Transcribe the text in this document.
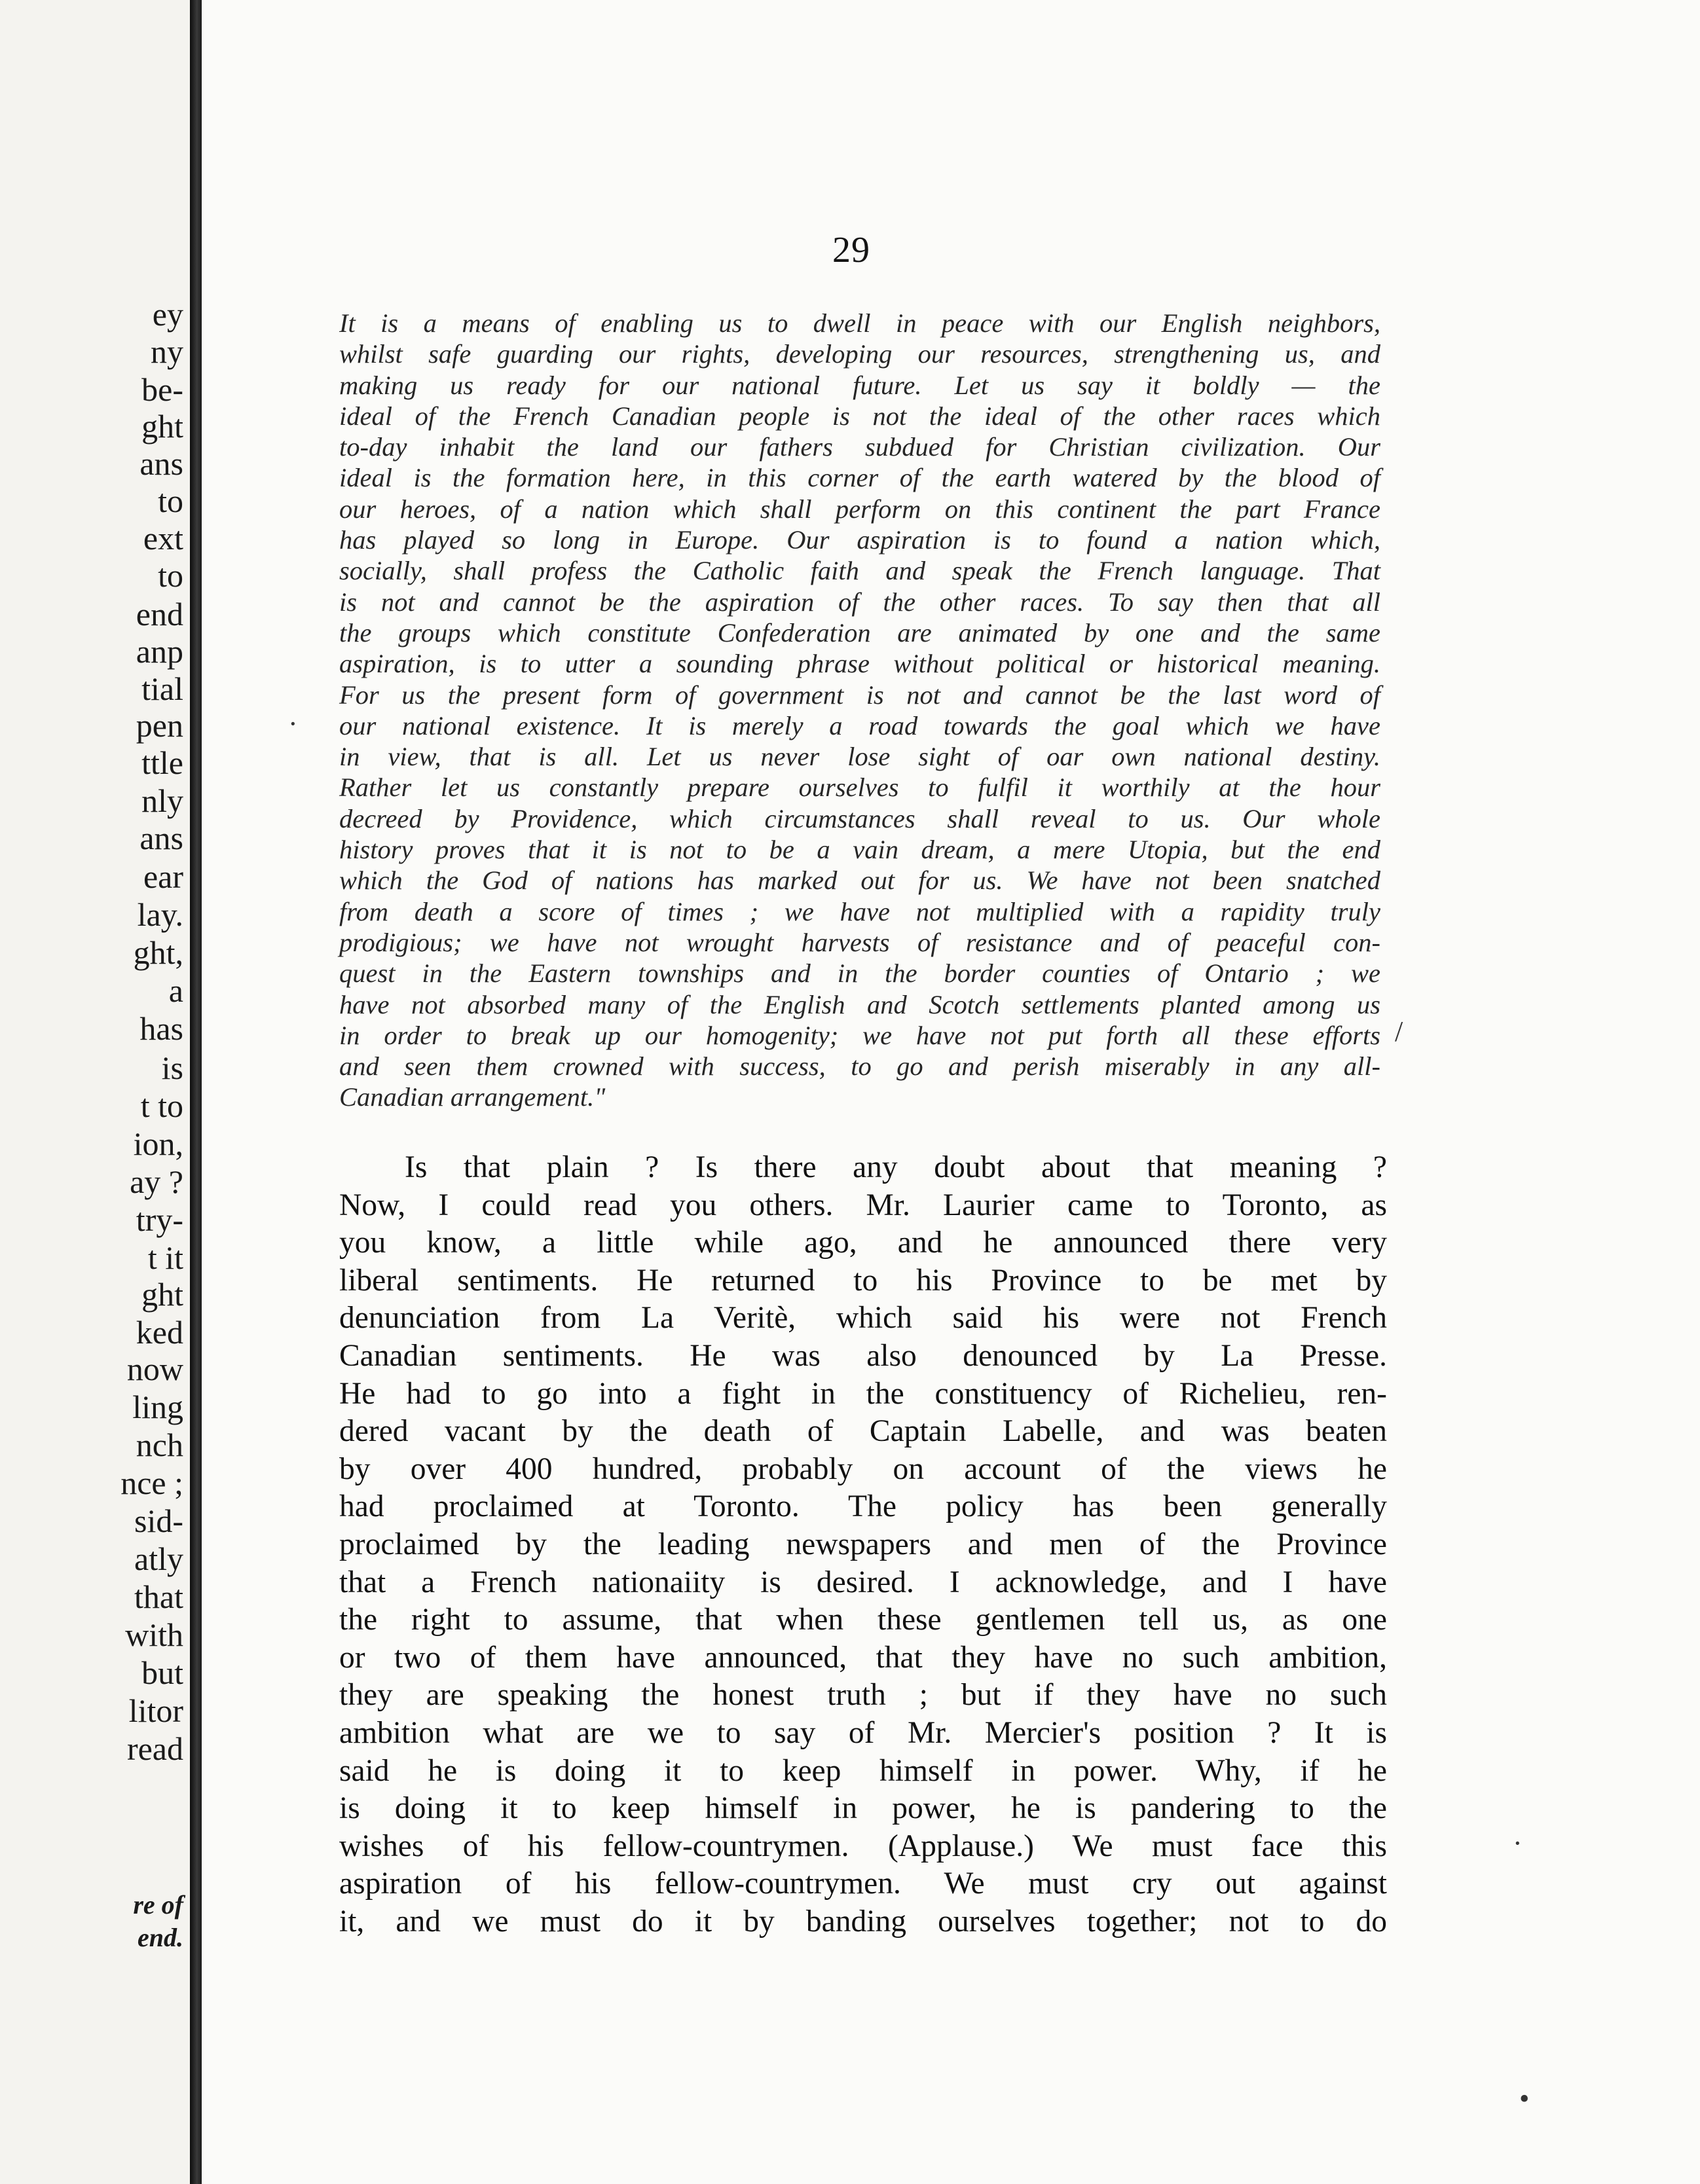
ey
ny
be-
ght
ans
to
ext
to
end
anp
tial
pen
ttle
nly
ans
ear
lay.
ght,
a
has
is
t to
ion,
ay ?
try-
t it
ght
ked
now
ling
nch
nce ;
sid-
atly
that
with
but
litor
read
re of
end.
29
It is a means of enabling us to dwell in peace with our English neighbors,
whilst safe guarding our rights, developing our resources, strengthening us, and
making us ready for our national future. Let us say it boldly — the
ideal of the French Canadian people is not the ideal of the other races which
to-day inhabit the land our fathers subdued for Christian civilization. Our
ideal is the formation here, in this corner of the earth watered by the blood of
our heroes, of a nation which shall perform on this continent the part France
has played so long in Europe. Our aspiration is to found a nation which,
socially, shall profess the Catholic faith and speak the French language. That
is not and cannot be the aspiration of the other races. To say then that all
the groups which constitute Confederation are animated by one and the same
aspiration, is to utter a sounding phrase without political or historical meaning.
For us the present form of government is not and cannot be the last word of
our national existence. It is merely a road towards the goal which we have
in view, that is all. Let us never lose sight of oar own national destiny.
Rather let us constantly prepare ourselves to fulfil it worthily at the hour
decreed by Providence, which circumstances shall reveal to us. Our whole
history proves that it is not to be a vain dream, a mere Utopia, but the end
which the God of nations has marked out for us. We have not been snatched
from death a score of times ; we have not multiplied with a rapidity truly
prodigious; we have not wrought harvests of resistance and of peaceful con-
quest in the Eastern townships and in the border counties of Ontario ; we
have not absorbed many of the English and Scotch settlements planted among us
in order to break up our homogenity; we have not put forth all these efforts
and seen them crowned with success, to go and perish miserably in any all-
Canadian arrangement."
Is that plain ? Is there any doubt about that meaning ?
Now, I could read you others. Mr. Laurier came to Toronto, as
you know, a little while ago, and he announced there very
liberal sentiments. He returned to his Province to be met by
denunciation from La Veritè, which said his were not French
Canadian sentiments. He was also denounced by La Presse.
He had to go into a fight in the constituency of Richelieu, ren-
dered vacant by the death of Captain Labelle, and was beaten
by over 400 hundred, probably on account of the views he
had proclaimed at Toronto. The policy has been generally
proclaimed by the leading newspapers and men of the Province
that a French nationaiity is desired. I acknowledge, and I have
the right to assume, that when these gentlemen tell us, as one
or two of them have announced, that they have no such ambition,
they are speaking the honest truth ; but if they have no such
ambition what are we to say of Mr. Mercier's position ? It is
said he is doing it to keep himself in power. Why, if he
is doing it to keep himself in power, he is pandering to the
wishes of his fellow-countrymen. (Applause.) We must face this
aspiration of his fellow-countrymen. We must cry out against
it, and we must do it by banding ourselves together; not to do
·
/
·
•
